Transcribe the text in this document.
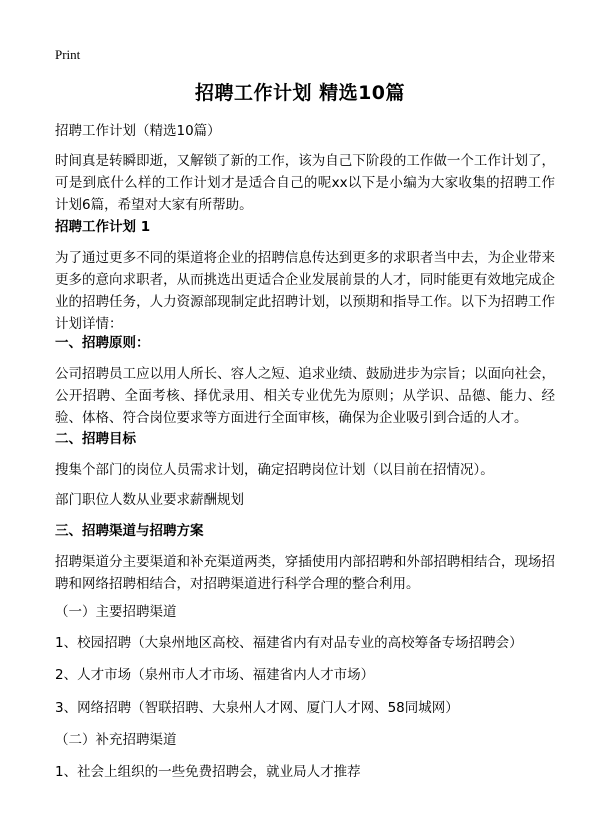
Print
招聘工作计划 精选10篇

招聘工作计划（精选10篇）

时间真是转瞬即逝，又解锁了新的工作，该为自己下阶段的工作做一个工作计划了，可是到底什么样的工作计划才是适合自己的呢xx以下是小编为大家收集的招聘工作计划6篇，希望对大家有所帮助。

招聘工作计划 1

为了通过更多不同的渠道将企业的招聘信息传达到更多的求职者当中去，为企业带来更多的意向求职者，从而挑选出更适合企业发展前景的人才，同时能更有效地完成企业的招聘任务，人力资源部现制定此招聘计划，以预期和指导工作。以下为招聘工作计划详情：

一、招聘原则：

公司招聘员工应以用人所长、容人之短、追求业绩、鼓励进步为宗旨；以面向社会，公开招聘、全面考核、择优录用、相关专业优先为原则；从学识、品德、能力、经验、体格、符合岗位要求等方面进行全面审核，确保为企业吸引到合适的人才。

二、招聘目标

搜集个部门的岗位人员需求计划，确定招聘岗位计划（以目前在招情况）。

部门职位人数从业要求薪酬规划

三、招聘渠道与招聘方案

招聘渠道分主要渠道和补充渠道两类，穿插使用内部招聘和外部招聘相结合，现场招聘和网络招聘相结合，对招聘渠道进行科学合理的整合利用。

（一）主要招聘渠道

1、校园招聘（大泉州地区高校、福建省内有对品专业的高校筹备专场招聘会）

2、人才市场（泉州市人才市场、福建省内人才市场）

3、网络招聘（智联招聘、大泉州人才网、厦门人才网、58同城网）

（二）补充招聘渠道

1、社会上组织的一些免费招聘会，就业局人才推荐
